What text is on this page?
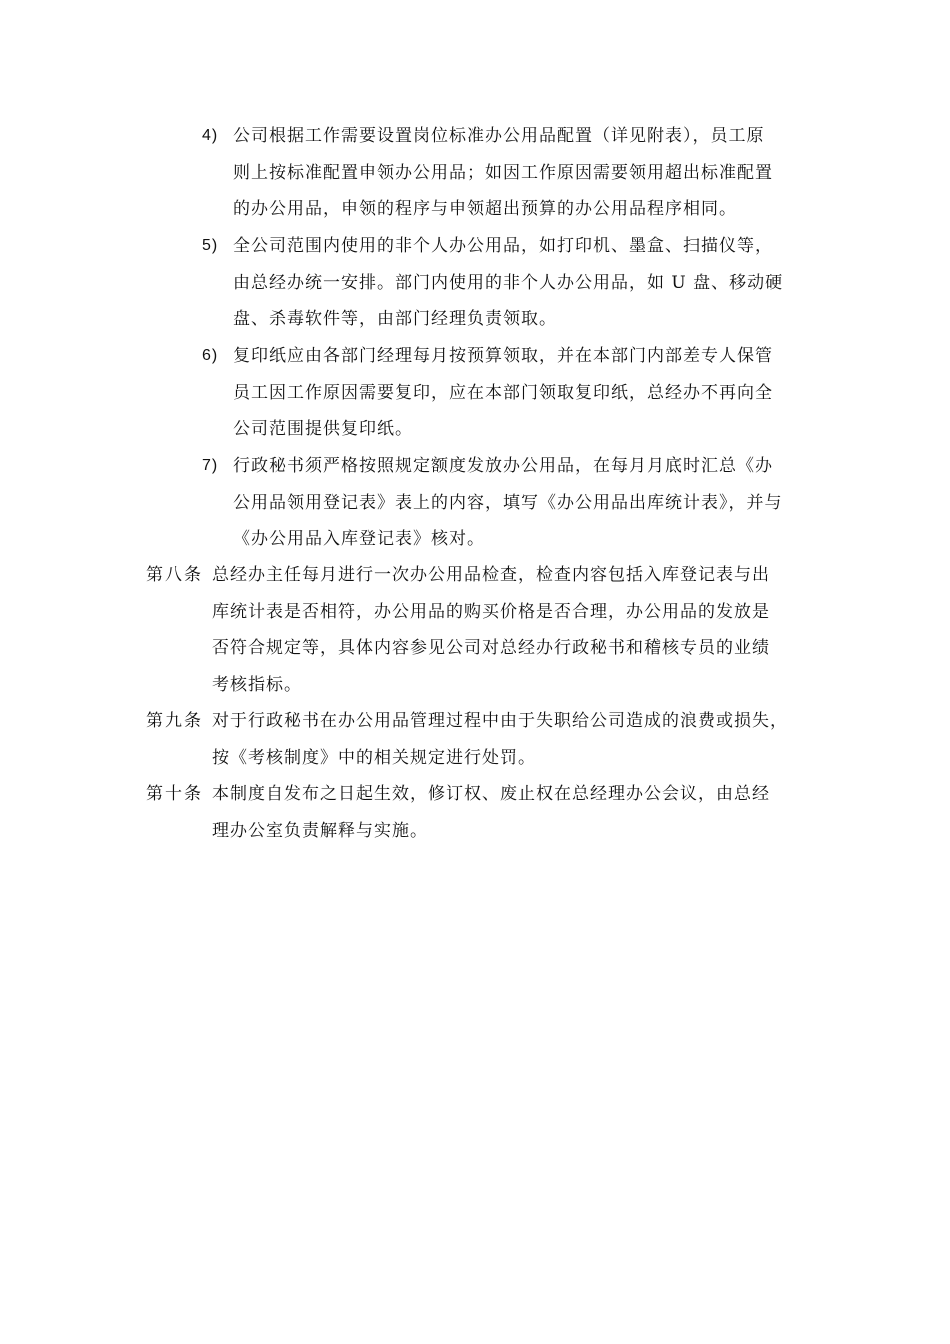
4) 公司根据工作需要设置岗位标准办公用品配置（详见附表），员工原
则上按标准配置申领办公用品；如因工作原因需要领用超出标准配置
的办公用品，申领的程序与申领超出预算的办公用品程序相同。
5) 全公司范围内使用的非个人办公用品，如打印机、墨盒、扫描仪等，
由总经办统一安排。部门内使用的非个人办公用品，如 U 盘、移动硬
盘、杀毒软件等，由部门经理负责领取。
6) 复印纸应由各部门经理每月按预算领取，并在本部门内部差专人保管
员工因工作原因需要复印，应在本部门领取复印纸，总经办不再向全
公司范围提供复印纸。
7) 行政秘书须严格按照规定额度发放办公用品，在每月月底时汇总《办
公用品领用登记表》表上的内容，填写《办公用品出库统计表》，并与
《办公用品入库登记表》核对。
第八条 总经办主任每月进行一次办公用品检查，检查内容包括入库登记表与出
库统计表是否相符，办公用品的购买价格是否合理，办公用品的发放是
否符合规定等，具体内容参见公司对总经办行政秘书和稽核专员的业绩
考核指标。
第九条 对于行政秘书在办公用品管理过程中由于失职给公司造成的浪费或损失，
按《考核制度》中的相关规定进行处罚。
第十条 本制度自发布之日起生效，修订权、废止权在总经理办公会议，由总经
理办公室负责解释与实施。
